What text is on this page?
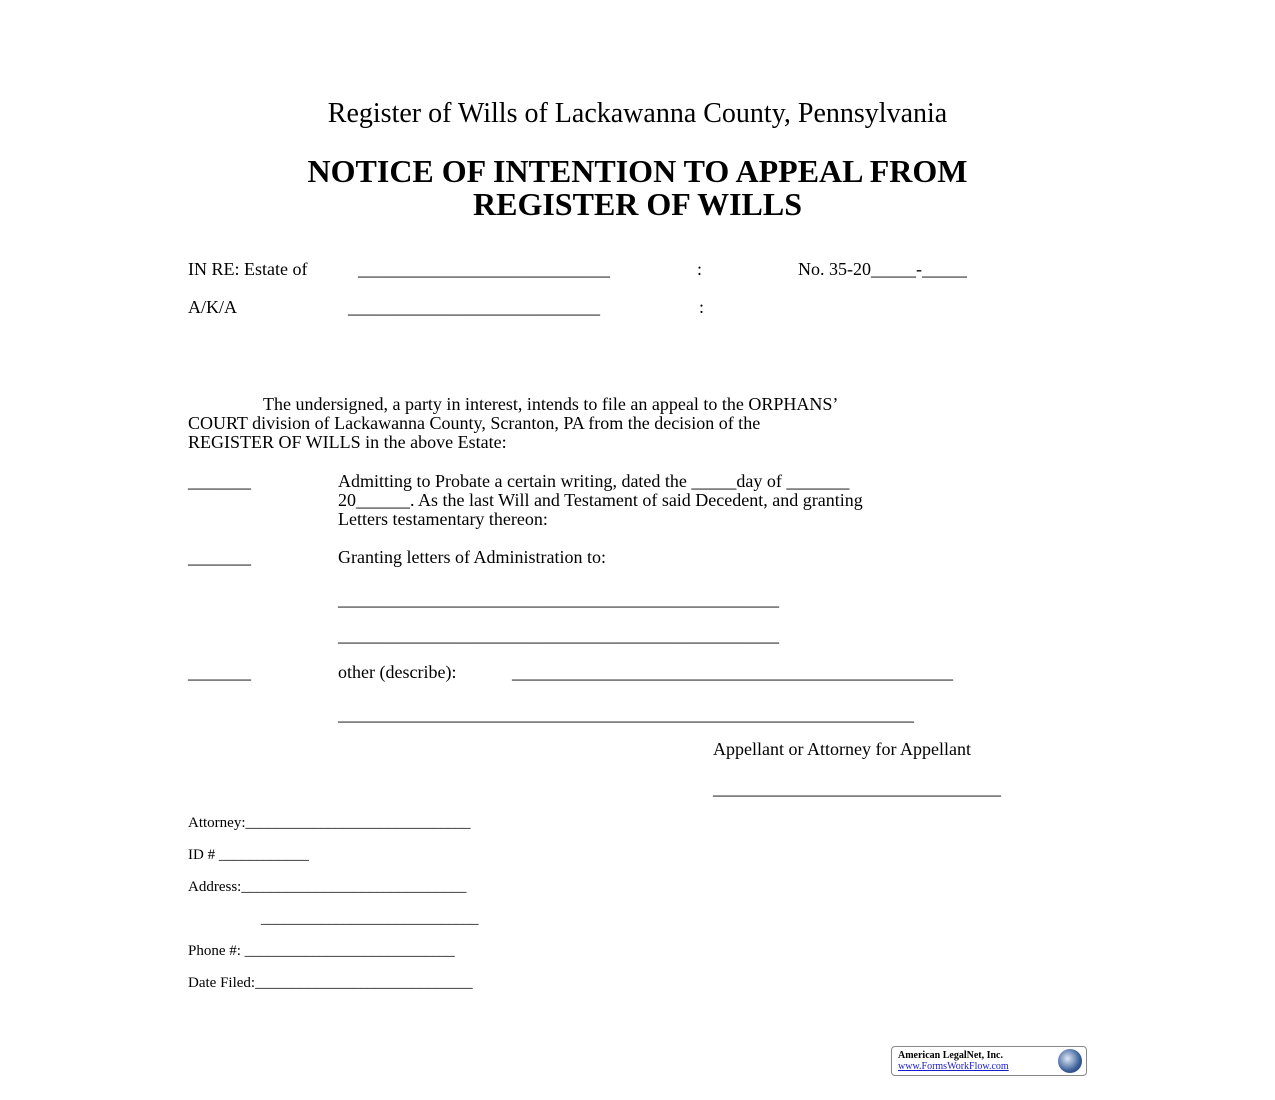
Register of Wills of Lackawanna County, Pennsylvania
NOTICE OF INTENTION TO APPEAL FROM
REGISTER OF WILLS
IN RE: Estate of	____________________________	:	No. 35-20_____-_____
A/K/A	____________________________	:
The undersigned, a party in interest, intends to file an appeal to the ORPHANS’
COURT division of Lackawanna County, Scranton, PA from the decision of the
REGISTER OF WILLS in the above Estate:
_______	Admitting to Probate a certain writing, dated the _____day of _______
20______. As the last Will and Testament of said Decedent, and granting
Letters testamentary thereon:
_______	Granting letters of Administration to:
_________________________________________________
_________________________________________________
_______	other (describe):	_________________________________________________
________________________________________________________________
Appellant or Attorney for Appellant
________________________________
Attorney:______________________________
ID # ____________
Address:______________________________
_____________________________
Phone #: ____________________________
Date Filed:_____________________________
American LegalNet, Inc.
www.FormsWorkFlow.com
